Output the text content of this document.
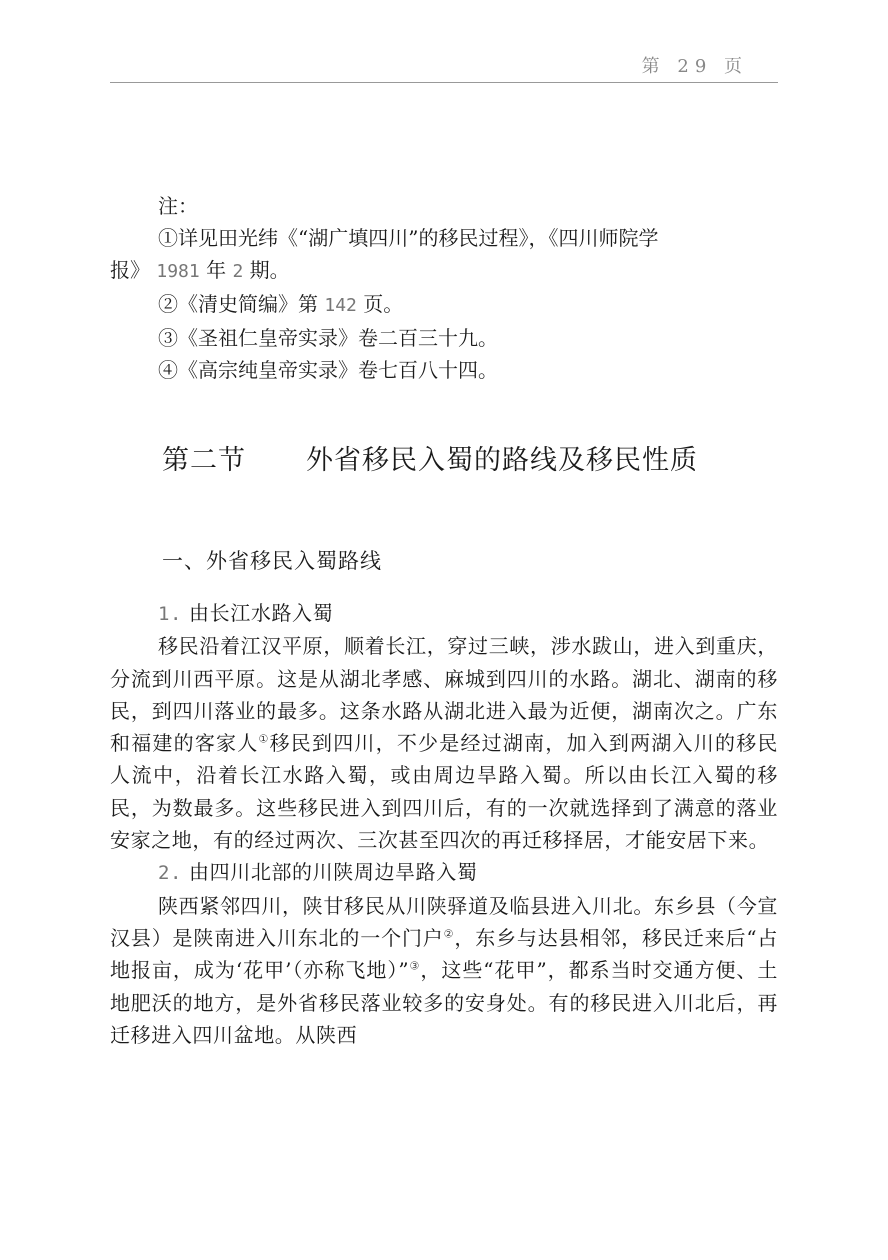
第 29 页
注：
①详见田光纬《“湖广填四川”的移民过程》，《四川师院学
报》 1981 年 2 期。
②《清史简编》第 142 页。
③《圣祖仁皇帝实录》卷二百三十九。
④《高宗纯皇帝实录》卷七百八十四。
第二节 外省移民入蜀的路线及移民性质
一、外省移民入蜀路线
1. 由长江水路入蜀
移民沿着江汉平原，顺着长江，穿过三峡，涉水跋山，进入到重庆，分流到川西平原。这是从湖北孝感、麻城到四川的水路。湖北、湖南的移民，到四川落业的最多。这条水路从湖北进入最为近便，湖南次之。广东和福建的客家人①移民到四川，不少是经过湖南，加入到两湖入川的移民人流中，沿着长江水路入蜀，或由周边旱路入蜀。所以由长江入蜀的移民，为数最多。这些移民进入到四川后，有的一次就选择到了满意的落业安家之地，有的经过两次、三次甚至四次的再迁移择居，才能安居下来。
2. 由四川北部的川陕周边旱路入蜀
陕西紧邻四川，陕甘移民从川陕驿道及临县进入川北。东乡县（今宣汉县）是陕南进入川东北的一个门户②，东乡与达县相邻，移民迁来后“占地报亩，成为‘花甲’（亦称飞地）”③，这些“花甲”，都系当时交通方便、土地肥沃的地方，是外省移民落业较多的安身处。有的移民进入川北后，再迁移进入四川盆地。从陕西
